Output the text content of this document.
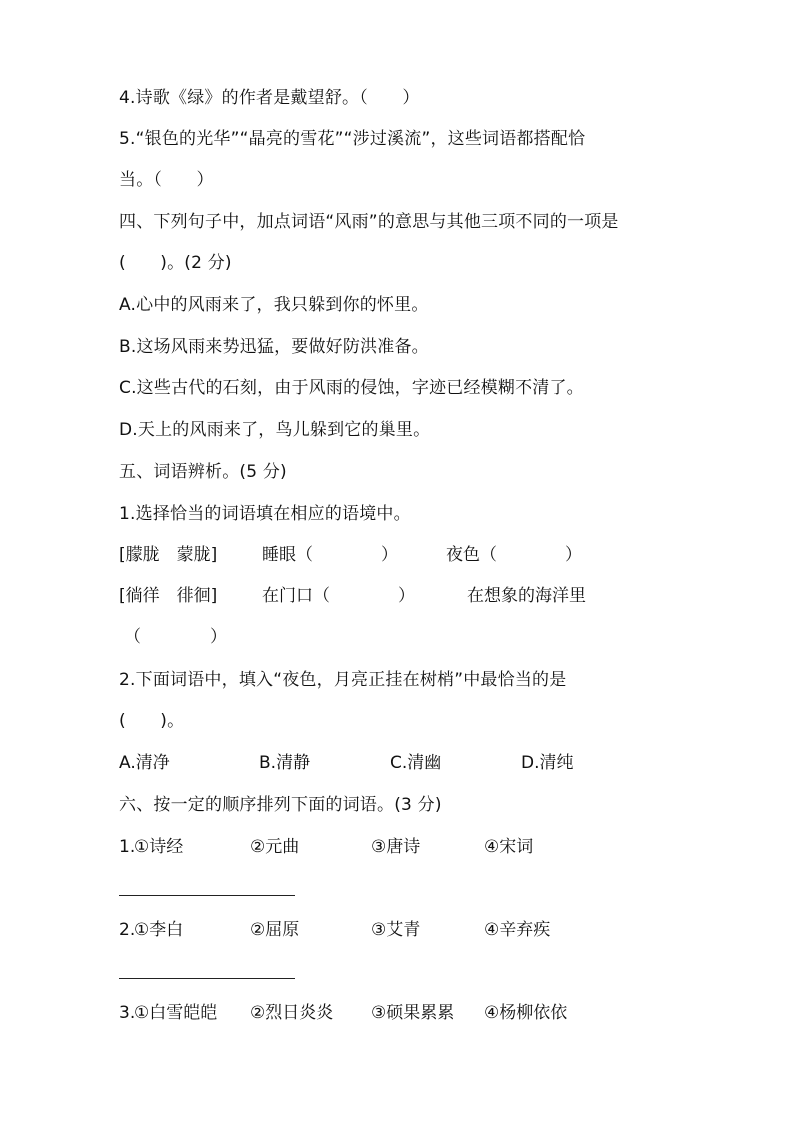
4.诗歌《绿》的作者是戴望舒。（　　）
5.“银色的光华”“晶亮的雪花”“涉过溪流”，这些词语都搭配恰
当。（　　）
四、下列句子中，加点词语“风雨”的意思与其他三项不同的一项是
(　　)。(2 分)
A.心中的风雨来了，我只躲到你的怀里。
B.这场风雨来势迅猛，要做好防洪准备。
C.这些古代的石刻，由于风雨的侵蚀，字迹已经模糊不清了。
D.天上的风雨来了，鸟儿躲到它的巢里。
五、词语辨析。(5 分)
1.选择恰当的词语填在相应的语境中。
[朦胧　蒙胧]	睡眼（　　　　）	夜色（　　　　）
[徜徉　徘徊]	在门口（　　　　）	在想象的海洋里
（　　　　）
2.下面词语中，填入“夜色，月亮正挂在树梢”中最恰当的是
(　　)。
A.清净	B.清静	C.清幽	D.清纯
六、按一定的顺序排列下面的词语。(3 分)
1.
①诗经	②元曲	③唐诗	④宋词
2.
①李白	②屈原	③艾青	④辛弃疾
3.
①白雪皑皑 ②烈日炎炎 ③硕果累累 ④杨柳依依
